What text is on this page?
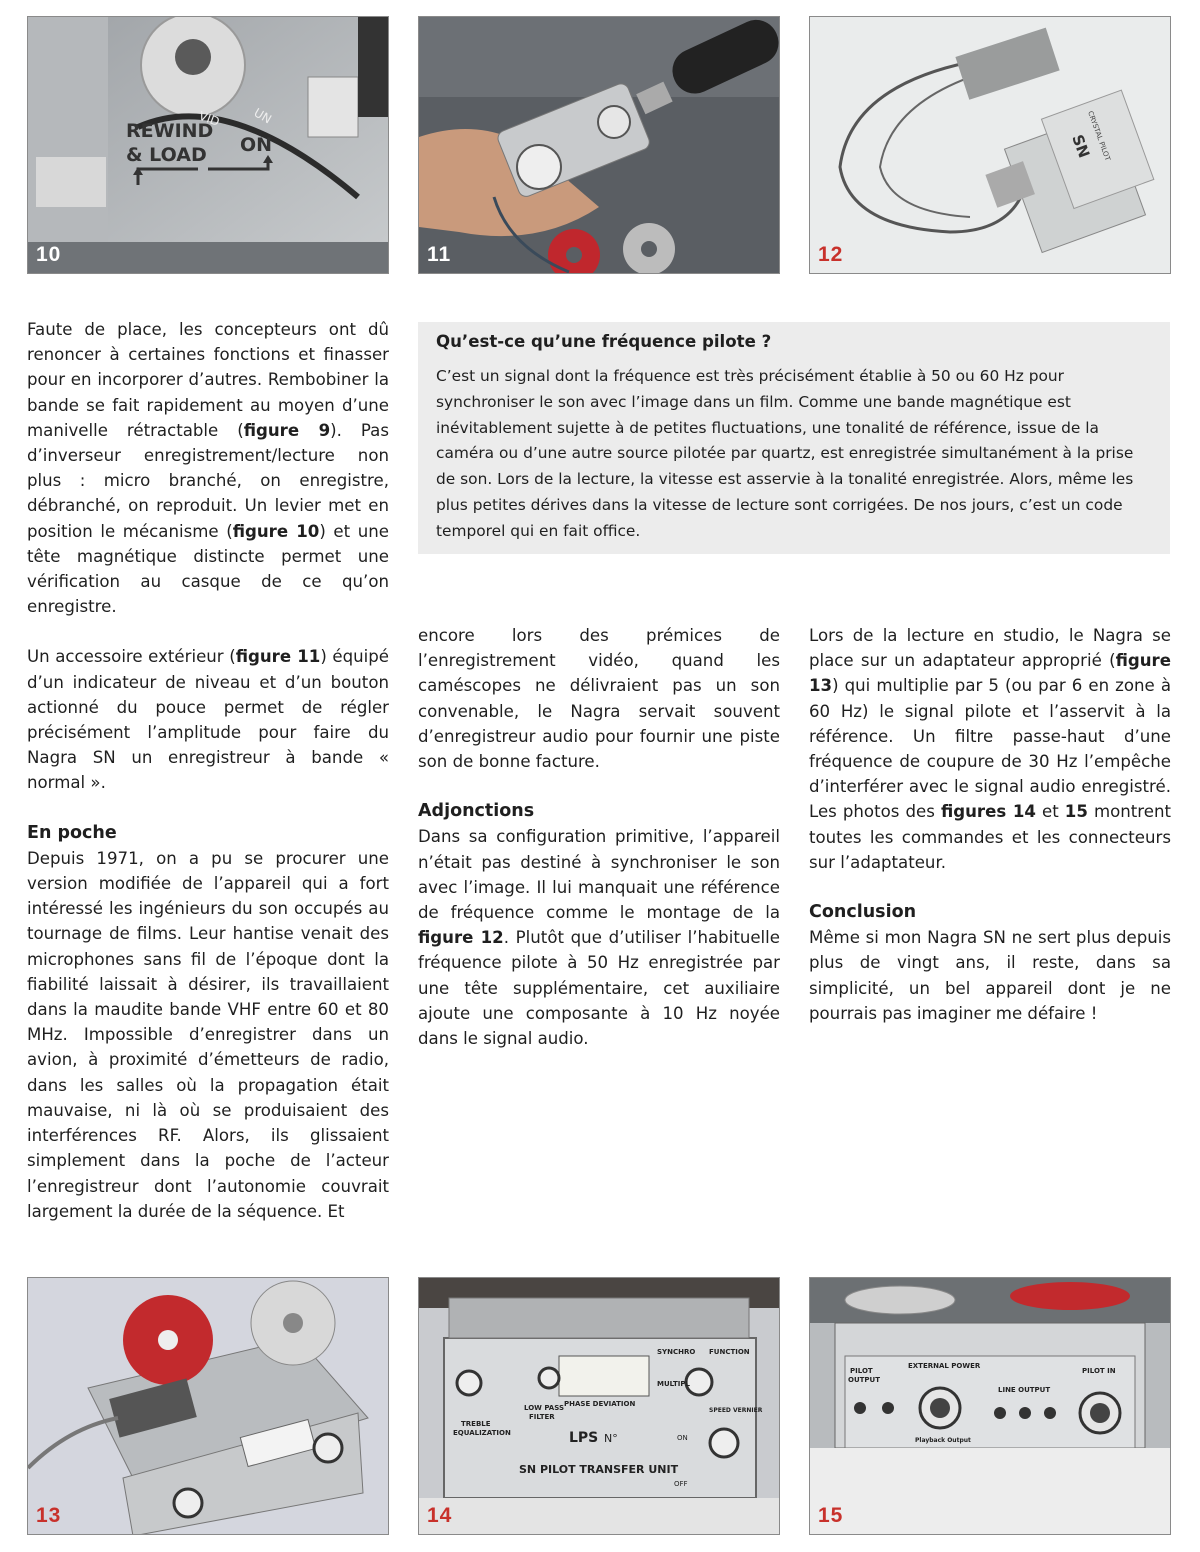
REWIND
& LOAD ON
VID	UN
10	11
SN
CRYSTAL PILOT
12

Faute de place, les concepteurs ont dû renoncer à certaines fonctions et finasser pour en incorporer d’autres. Rembobiner la bande se fait rapidement au moyen d’une manivelle rétractable (figure 9). Pas d’inverseur enregistrement/lecture non plus : micro branché, on enregistre, débranché, on reproduit. Un levier met en position le mécanisme (figure 10) et une tête magnétique distincte permet une vérification au casque de ce qu’on enregistre.

Un accessoire extérieur (figure 11) équipé d’un indicateur de niveau et d’un bouton actionné du pouce permet de régler précisément l’amplitude pour faire du Nagra SN un enregistreur à bande « normal ».

En poche

Depuis 1971, on a pu se procurer une version modifiée de l’appareil qui a fort intéressé les ingénieurs du son occupés au tournage de films. Leur hantise venait des microphones sans fil de l’époque dont la fiabilité laissait à désirer, ils travaillaient dans la maudite bande VHF entre 60 et 80 MHz. Impossible d’enregistrer dans un avion, à proximité d’émetteurs de radio, dans les salles où la propagation était mauvaise, ni là où se produisaient des interférences RF. Alors, ils glissaient simplement dans la poche de l’acteur l’enregistreur dont l’autonomie couvrait largement la durée de la séquence. Et

Qu’est-ce qu’une fréquence pilote ?

C’est un signal dont la fréquence est très précisément établie à 50 ou 60 Hz pour synchroniser le son avec l’image dans un film. Comme une bande magnétique est inévitablement sujette à de petites fluctuations, une tonalité de référence, issue de la caméra ou d’une autre source pilotée par quartz, est enregistrée simultanément à la prise de son. Lors de la lecture, la vitesse est asservie à la tonalité enregistrée. Alors, même les plus petites dérives dans la vitesse de lecture sont corrigées. De nos jours, c’est un code temporel qui en fait office.

encore lors des prémices de l’enregistrement vidéo, quand les caméscopes ne délivraient pas un son convenable, le Nagra servait souvent d’enregistreur audio pour fournir une piste son de bonne facture.

Adjonctions

Dans sa configuration primitive, l’appareil n’était pas destiné à synchroniser le son avec l’image. Il lui manquait une référence de fréquence comme le montage de la figure 12. Plutôt que d’utiliser l’habituelle fréquence pilote à 50 Hz enregistrée par une tête supplémentaire, cet auxiliaire ajoute une composante à 10 Hz noyée dans le signal audio.

Lors de la lecture en studio, le Nagra se place sur un adaptateur approprié (figure 13) qui multiplie par 5 (ou par 6 en zone à 60 Hz) le signal pilote et l’asservit à la référence. Un filtre passe-haut d’une fréquence de coupure de 30 Hz l’empêche d’interférer avec le signal audio enregistré. Les photos des figures 14 et 15 montrent toutes les commandes et les connecteurs sur l’adaptateur.

Conclusion

Même si mon Nagra SN ne sert plus depuis plus de vingt ans, il reste, dans sa simplicité, un bel appareil dont je ne pourrais pas imaginer me défaire !

13
TREBLE
EQUALIZATION
LOW PASS
FILTER
PHASE DEVIATION
LPS N°
SN PILOT TRANSFER UNIT
FUNCTION
SYNCHRO
MULTIPL
SPEED VERNIER
ON
OFF
14
PILOT
OUTPUT
EXTERNAL POWER
LINE OUTPUT
PILOT IN
Playback Output
15
